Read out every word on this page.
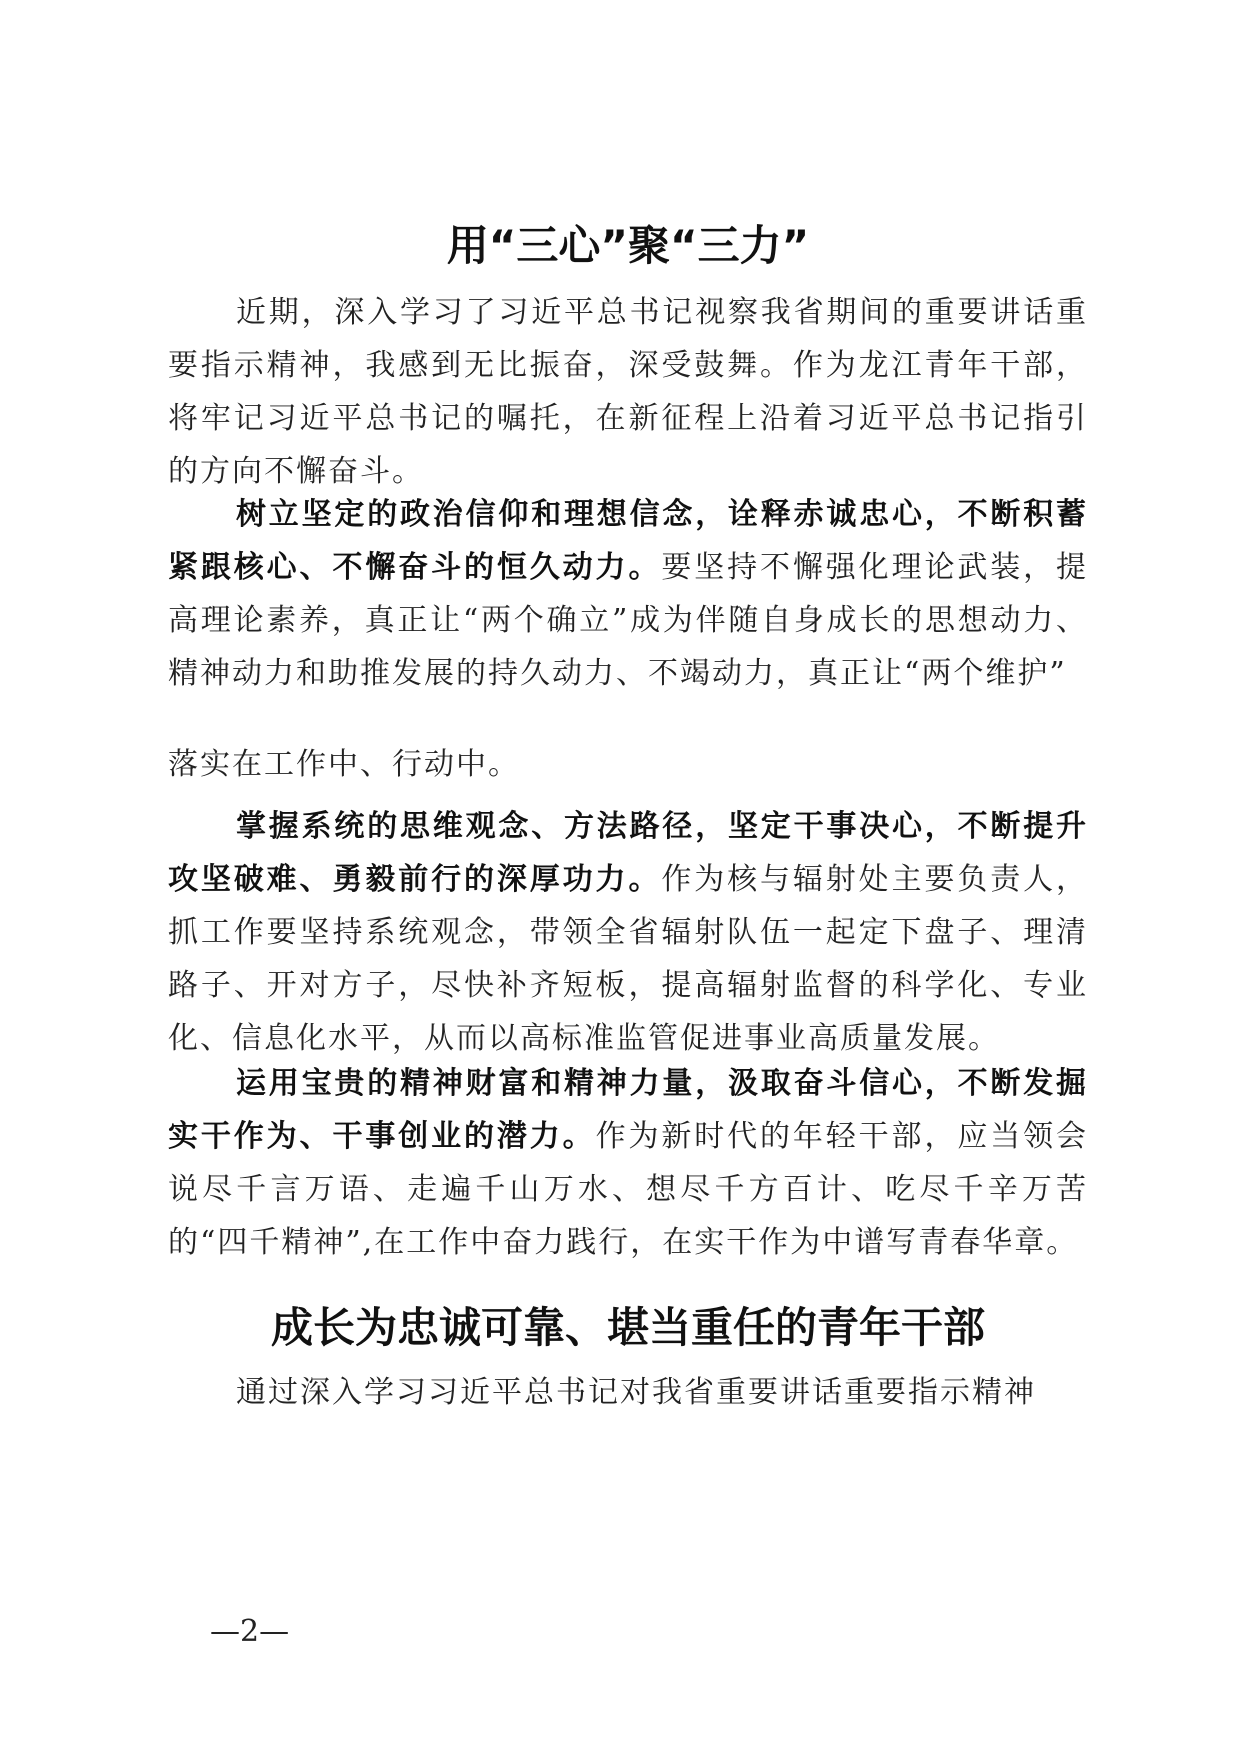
用“三心”聚“三力”

近期，深入学习了习近平总书记视察我省期间的重要讲话重要指示精神，我感到无比振奋，深受鼓舞。作为龙江青年干部，将牢记习近平总书记的嘱托，在新征程上沿着习近平总书记指引的方向不懈奋斗。

树立坚定的政治信仰和理想信念，诠释赤诚忠心，不断积蓄紧跟核心、不懈奋斗的恒久动力。要坚持不懈强化理论武装，提高理论素养，真正让“两个确立”成为伴随自身成长的思想动力、精神动力和助推发展的持久动力、不竭动力，真正让“两个维护”

落实在工作中、行动中。

掌握系统的思维观念、方法路径，坚定干事决心，不断提升攻坚破难、勇毅前行的深厚功力。作为核与辐射处主要负责人，抓工作要坚持系统观念，带领全省辐射队伍一起定下盘子、理清路子、开对方子，尽快补齐短板，提高辐射监督的科学化、专业化、信息化水平，从而以高标准监管促进事业高质量发展。

运用宝贵的精神财富和精神力量，汲取奋斗信心，不断发掘实干作为、干事创业的潜力。作为新时代的年轻干部，应当领会说尽千言万语、走遍千山万水、想尽千方百计、吃尽千辛万苦的“四千精神”,在工作中奋力践行，在实干作为中谱写青春华章。

成长为忠诚可靠、堪当重任的青年干部

通过深入学习习近平总书记对我省重要讲话重要指示精神

—2—
